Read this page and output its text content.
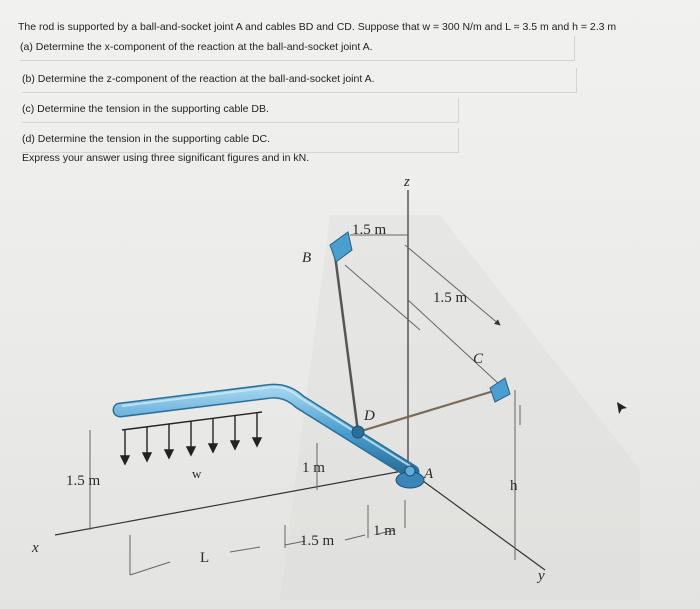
The rod is supported by a ball-and-socket joint A and cables BD and CD. Suppose that w = 300 N/m and L = 3.5 m and h = 2.3 m
(a) Determine the x-component of the reaction at the ball-and-socket joint A.
(b) Determine the z-component of the reaction at the ball-and-socket joint A.
(c) Determine the tension in the supporting cable DB.
(d) Determine the tension in the supporting cable DC.
Express your answer using three significant figures and in kN.
z
x
y
B
C
D
A
1.5 m
1.5 m
1.5 m
1 m
1.5 m
1 m
w
L
h
